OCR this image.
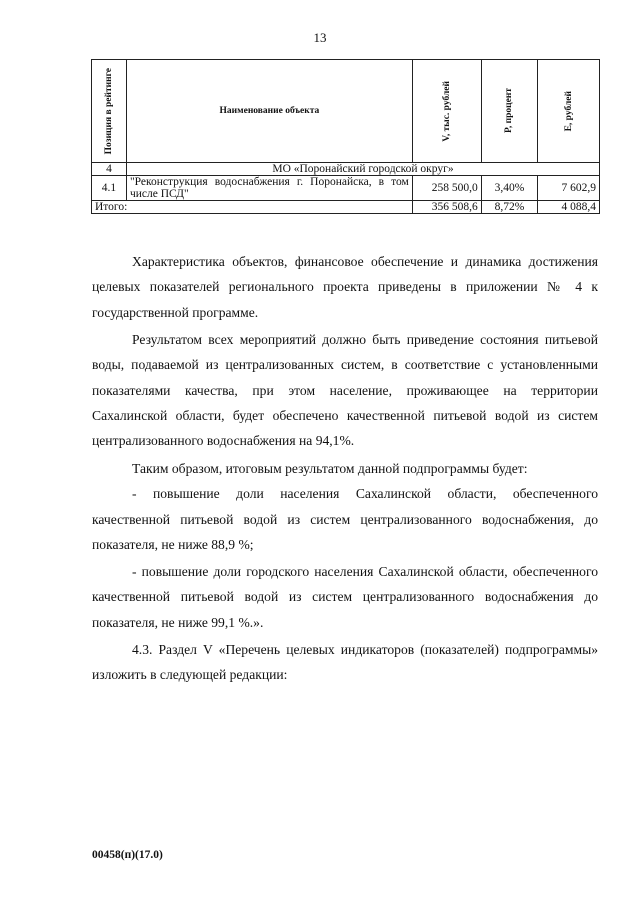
13
Позиция в рейтинге	Наименование объекта	V, тыс. рублей	P, процент	E, рублей

4	МО «Поронайский городской округ»			
4.1	"Реконструкция водоснабжения г. Поронайска, в том числе ПСД"	258 500,0	3,40%	7 602,9
Итого:		356 508,6	8,72%	4 088,4

Характеристика объектов, финансовое обеспечение и динамика достижения целевых показателей регионального проекта приведены в приложении № 4 к государственной программе.

Результатом всех мероприятий должно быть приведение состояния питьевой воды, подаваемой из централизованных систем, в соответствие с установленными показателями качества, при этом население, проживающее на территории Сахалинской области, будет обеспечено качественной питьевой водой из систем централизованного водоснабжения на 94,1%.

Таким образом, итоговым результатом данной подпрограммы будет:

- повышение доли населения Сахалинской области, обеспеченного качественной питьевой водой из систем централизованного водоснабжения, до показателя, не ниже 88,9 %;

- повышение доли городского населения Сахалинской области, обеспеченного качественной питьевой водой из систем централизованного водоснабжения до показателя, не ниже 99,1 %.».

4.3. Раздел V «Перечень целевых индикаторов (показателей) подпрограммы» изложить в следующей редакции:

00458(п)(17.0)
